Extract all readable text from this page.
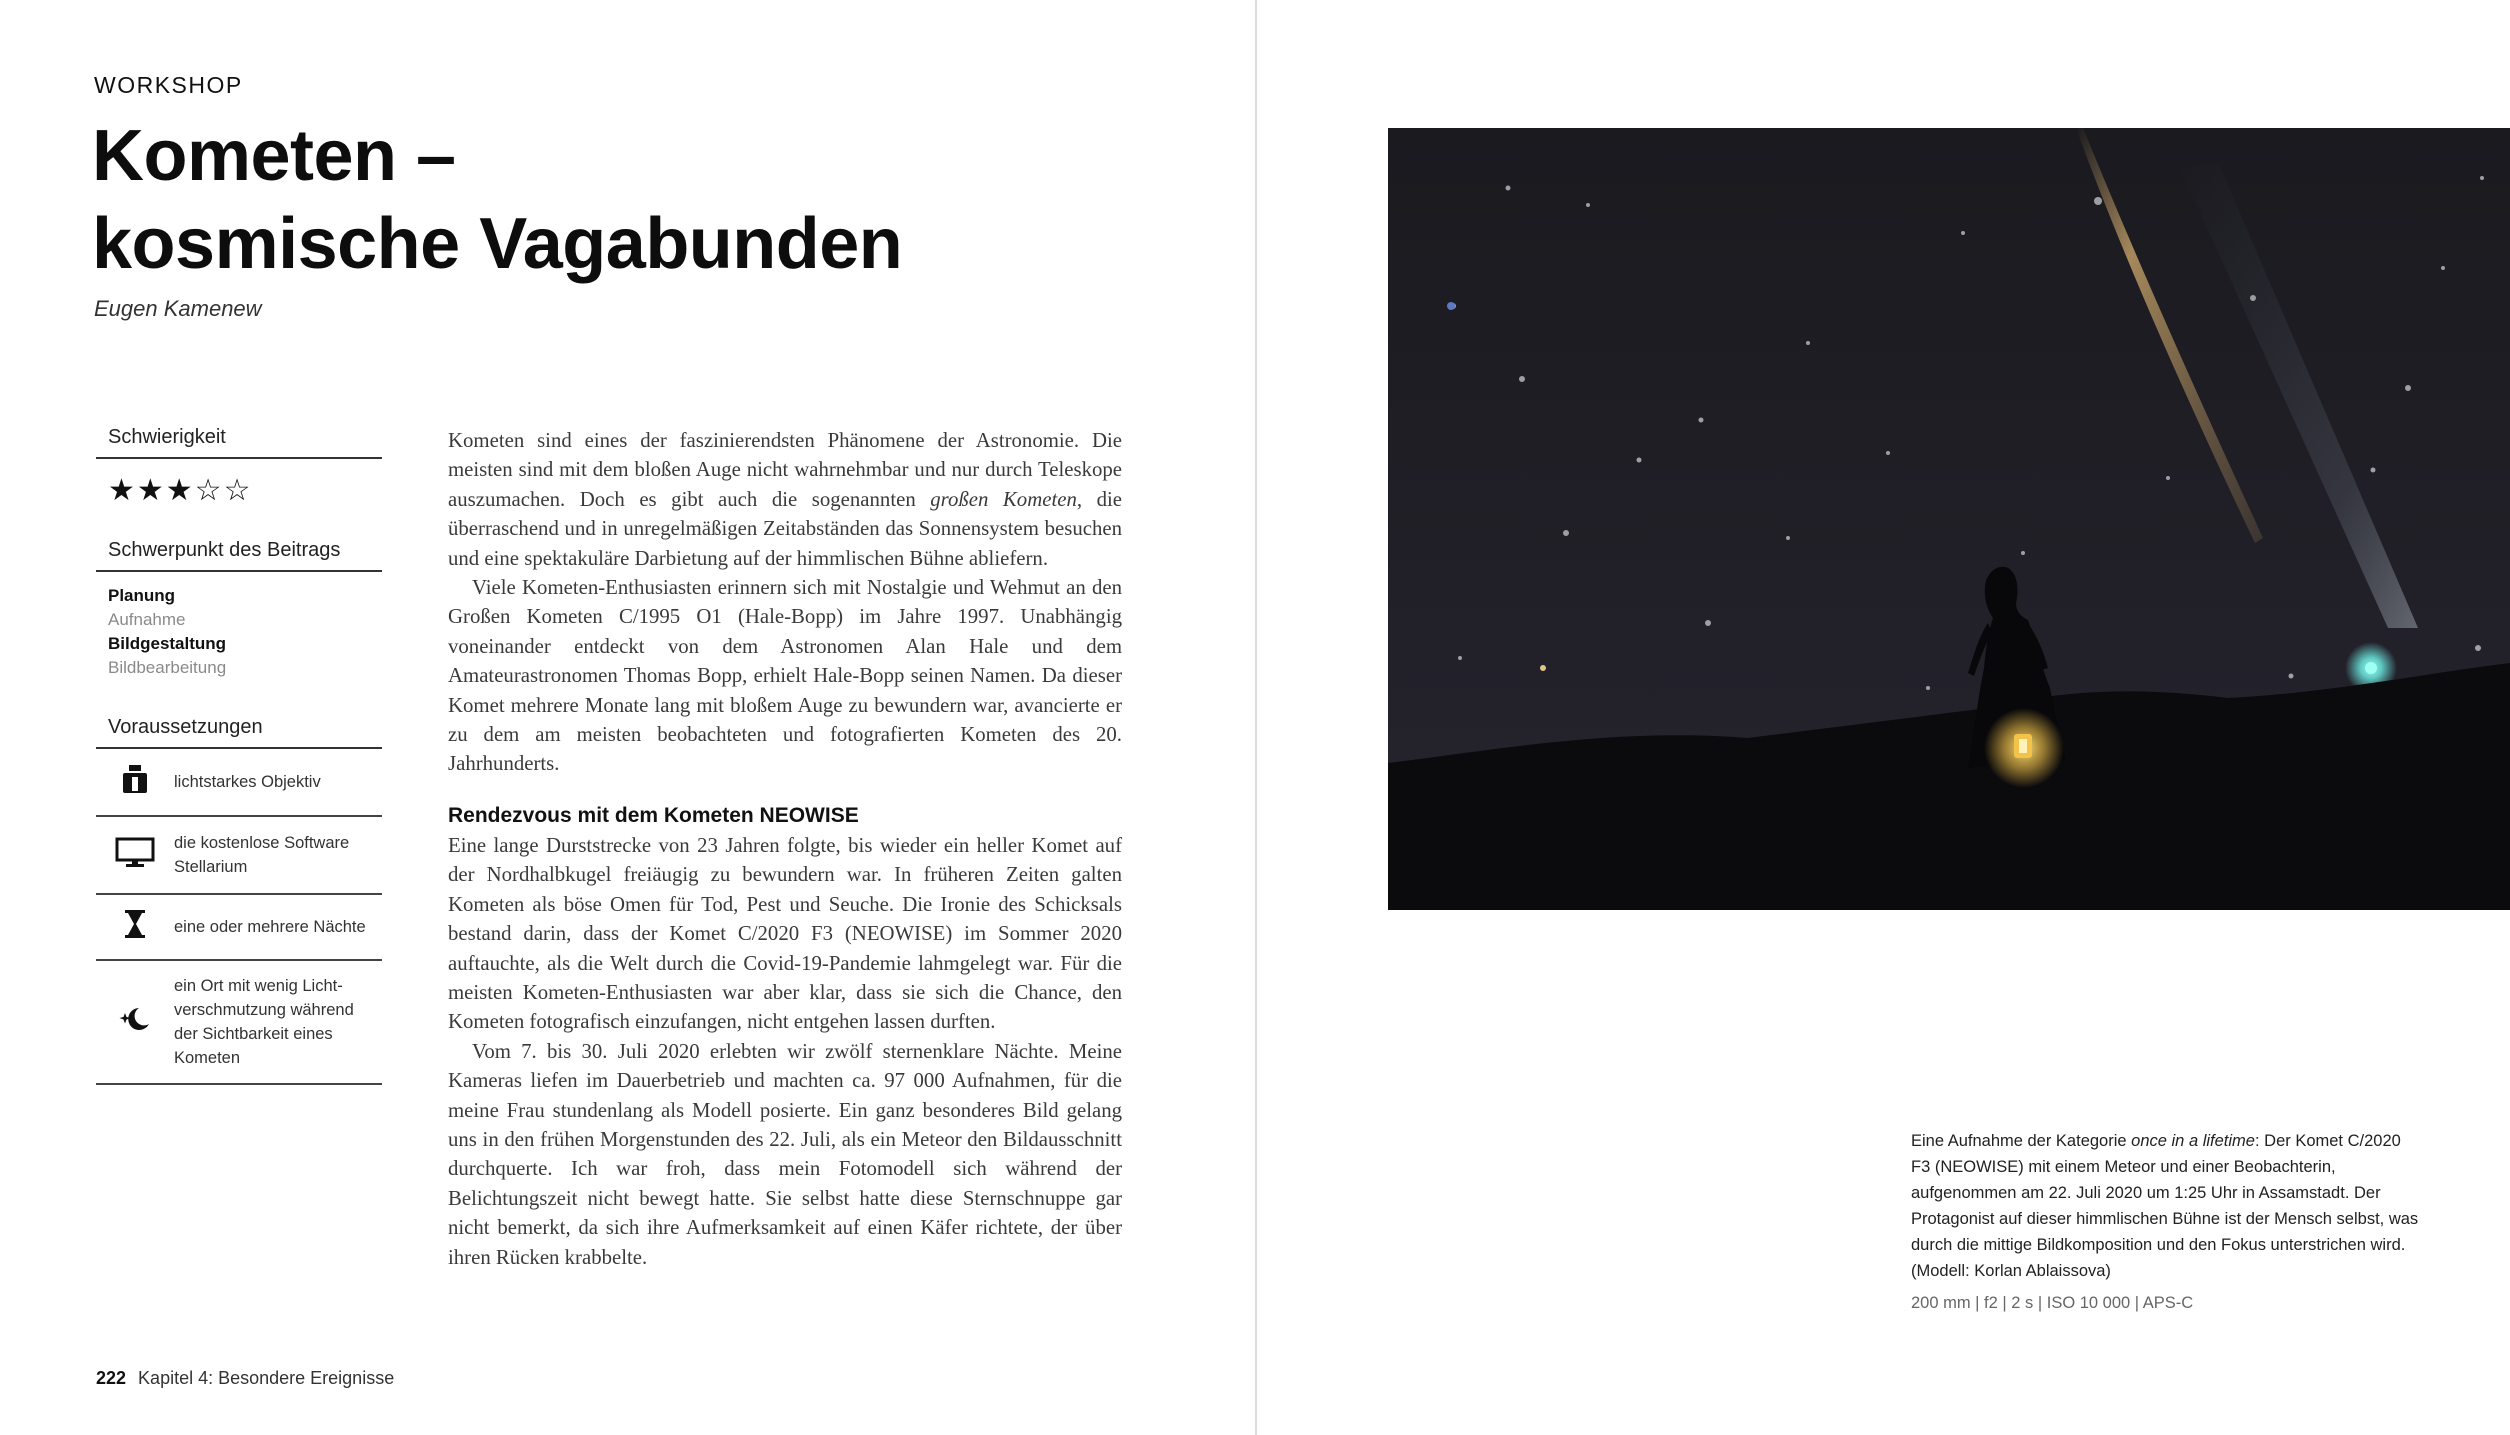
WORKSHOP
Kometen –
kosmische Vagabunden
Eugen Kamenew
Schwierigkeit
★★★☆☆
Schwerpunkt des Beitrags
Planung
Aufnahme
Bildgestaltung
Bildbearbeitung
Voraussetzungen
lichtstarkes Objektiv
die kostenlose Software Stellarium
eine oder mehrere Nächte
ein Ort mit wenig Licht-verschmutzung während der Sichtbarkeit eines Kometen

Kometen sind eines der faszinierendsten Phänomene der Astronomie. Die meisten sind mit dem bloßen Auge nicht wahrnehmbar und nur durch Teleskope auszumachen. Doch es gibt auch die sogenannten großen Kometen, die überraschend und in unregelmäßigen Zeitabständen das Sonnensystem besuchen und eine spektakuläre Darbietung auf der himmlischen Bühne abliefern.

Viele Kometen-Enthusiasten erinnern sich mit Nostalgie und Wehmut an den Großen Kometen C/1995 O1 (Hale-Bopp) im Jahre 1997. Unabhängig voneinander entdeckt von dem Astronomen Alan Hale und dem Amateurastronomen Thomas Bopp, erhielt Hale-Bopp seinen Namen. Da dieser Komet mehrere Monate lang mit bloßem Auge zu bewundern war, avancierte er zu dem am meisten beobachteten und fotografierten Kometen des 20. Jahrhunderts.

Rendezvous mit dem Kometen NEOWISE

Eine lange Durststrecke von 23 Jahren folgte, bis wieder ein heller Komet auf der Nordhalbkugel freiäugig zu bewundern war. In früheren Zeiten galten Kometen als böse Omen für Tod, Pest und Seuche. Die Ironie des Schicksals bestand darin, dass der Komet C/2020 F3 (NEOWISE) im Sommer 2020 auftauchte, als die Welt durch die Covid-19-Pandemie lahmgelegt war. Für die meisten Kometen-Enthusiasten war aber klar, dass sie sich die Chance, den Kometen fotografisch einzufangen, nicht entgehen lassen durften.

Vom 7. bis 30. Juli 2020 erlebten wir zwölf sternenklare Nächte. Meine Kameras liefen im Dauerbetrieb und machten ca. 97 000 Aufnahmen, für die meine Frau stundenlang als Modell posierte. Ein ganz besonderes Bild gelang uns in den frühen Morgenstunden des 22. Juli, als ein Meteor den Bildausschnitt durchquerte. Ich war froh, dass mein Fotomodell sich während der Belichtungszeit nicht bewegt hatte. Sie selbst hatte diese Sternschnuppe gar nicht bemerkt, da sich ihre Aufmerksamkeit auf einen Käfer richtete, der über ihren Rücken krabbelte.

222 Kapitel 4: Besondere Ereignisse
Eine Aufnahme der Kategorie once in a lifetime: Der Komet C/2020 F3 (NEOWISE) mit einem Meteor und einer Beobachterin, aufgenommen am 22. Juli 2020 um 1:25 Uhr in Assamstadt. Der Protagonist auf dieser himmlischen Bühne ist der Mensch selbst, was durch die mittige Bildkomposition und den Fokus unterstrichen wird. (Modell: Korlan Ablaissova)
200 mm | f2 | 2 s | ISO 10 000 | APS-C
